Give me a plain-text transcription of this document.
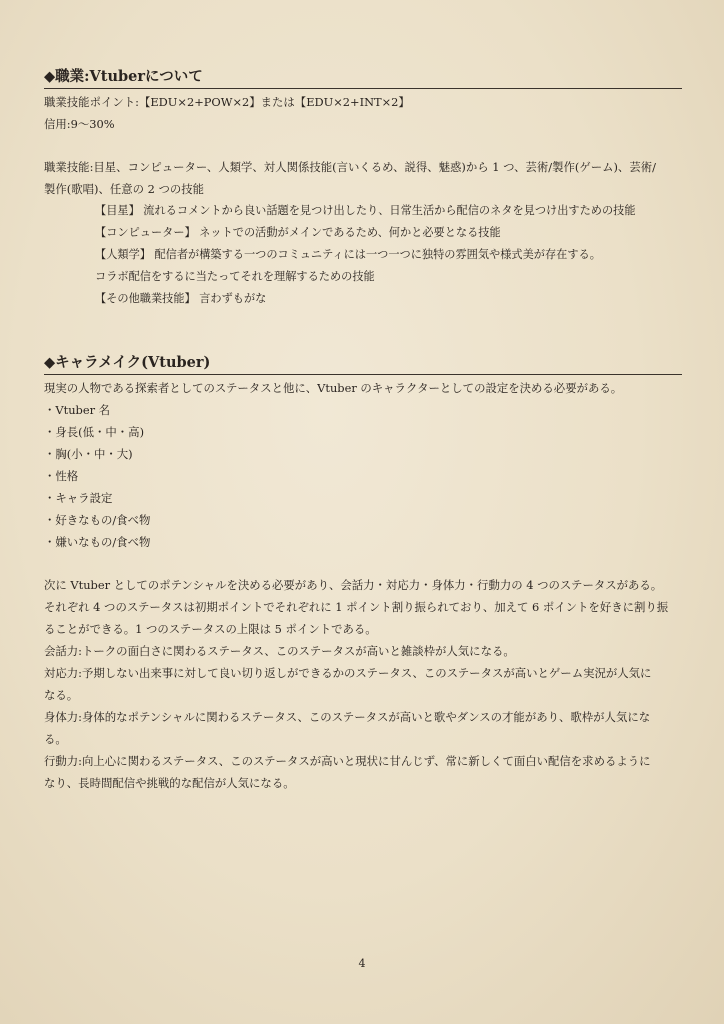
◆職業:Vtuberについて
職業技能ポイント:【EDU×2+POW×2】または【EDU×2+INT×2】
信用:9～30%
職業技能:目星、コンピューター、人類学、対人関係技能(言いくるめ、説得、魅惑)から 1 つ、芸術/製作(ゲーム)、芸術/
製作(歌唱)、任意の 2 つの技能
【目星】 流れるコメントから良い話題を見つけ出したり、日常生活から配信のネタを見つけ出すための技能
【コンピューター】 ネットでの活動がメインであるため、何かと必要となる技能
【人類学】 配信者が構築する一つのコミュニティには一つ一つに独特の雰囲気や様式美が存在する。
コラボ配信をするに当たってそれを理解するための技能
【その他職業技能】 言わずもがな
◆キャラメイク(Vtuber)
現実の人物である探索者としてのステータスと他に、Vtuber のキャラクターとしての設定を決める必要がある。
・Vtuber 名
・身長(低・中・高)
・胸(小・中・大)
・性格
・キャラ設定
・好きなもの/食べ物
・嫌いなもの/食べ物
次に Vtuber としてのポテンシャルを決める必要があり、会話力・対応力・身体力・行動力の 4 つのステータスがある。
それぞれ 4 つのステータスは初期ポイントでそれぞれに 1 ポイント割り振られており、加えて 6 ポイントを好きに割り振
ることができる。1 つのステータスの上限は 5 ポイントである。
会話力:トークの面白さに関わるステータス、このステータスが高いと雑談枠が人気になる。
対応力:予期しない出来事に対して良い切り返しができるかのステータス、このステータスが高いとゲーム実況が人気に
なる。
身体力:身体的なポテンシャルに関わるステータス、このステータスが高いと歌やダンスの才能があり、歌枠が人気にな
る。
行動力:向上心に関わるステータス、このステータスが高いと現状に甘んじず、常に新しくて面白い配信を求めるように
なり、長時間配信や挑戦的な配信が人気になる。
4
